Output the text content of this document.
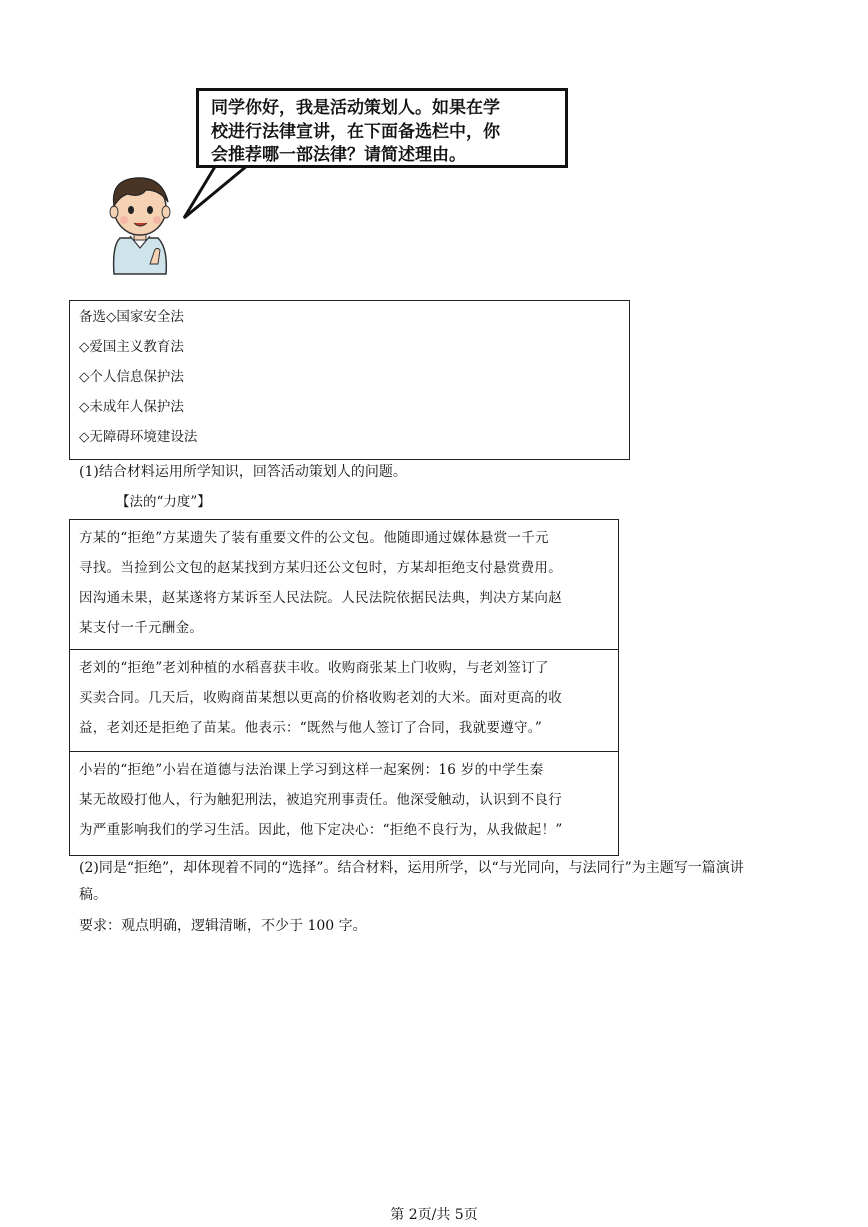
同学你好，我是活动策划人。如果在学
校进行法律宣讲，在下面备选栏中，你
会推荐哪一部法律？请简述理由。
备选◇国家安全法
◇爱国主义教育法
◇个人信息保护法
◇未成年人保护法
◇无障碍环境建设法
(1)结合材料运用所学知识，回答活动策划人的问题。
【法的“力度”】
方某的“拒绝”方某遗失了装有重要文件的公文包。他随即通过媒体悬赏一千元
寻找。当捡到公文包的赵某找到方某归还公文包时，方某却拒绝支付悬赏费用。
因沟通未果，赵某遂将方某诉至人民法院。人民法院依据民法典，判决方某向赵
某支付一千元酬金。
老刘的“拒绝”老刘种植的水稻喜获丰收。收购商张某上门收购，与老刘签订了
买卖合同。几天后，收购商苗某想以更高的价格收购老刘的大米。面对更高的收
益，老刘还是拒绝了苗某。他表示：“既然与他人签订了合同，我就要遵守。”
小岩的“拒绝”小岩在道德与法治课上学习到这样一起案例：16 岁的中学生秦
某无故殴打他人，行为触犯刑法，被追究刑事责任。他深受触动，认识到不良行
为严重影响我们的学习生活。因此，他下定决心：“拒绝不良行为，从我做起！”
(2)同是“拒绝”，却体现着不同的“选择”。结合材料，运用所学，以“与光同向，与法同行”为主题写一篇演讲
稿。
要求：观点明确，逻辑清晰，不少于 100 字。
第 2页/共 5页
